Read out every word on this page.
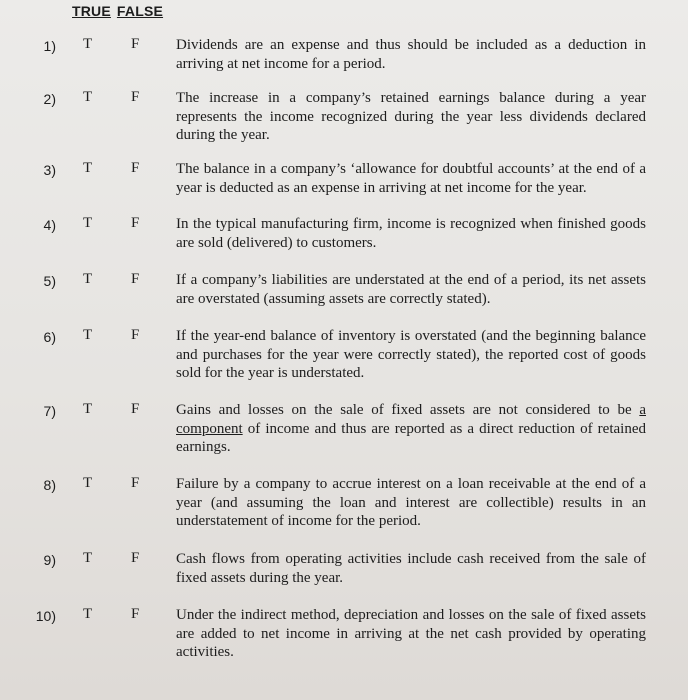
TRUE FALSE
1) T	F Dividends are an expense and thus should be included as a deduction in arriving at net income for a period.
2) T	F The increase in a company’s retained earnings balance during a year represents the income recognized during the year less dividends declared during the year.
3) T	F The balance in a company’s ‘allowance for doubtful accounts’ at the end of a year is deducted as an expense in arriving at net income for the year.
4) T	F In the typical manufacturing firm, income is recognized when finished goods are sold (delivered) to customers.
5) T	F If a company’s liabilities are understated at the end of a period, its net assets are overstated (assuming assets are correctly stated).
6) T	F If the year-end balance of inventory is overstated (and the beginning balance and purchases for the year were correctly stated), the reported cost of goods sold for the year is understated.
7) T	F Gains and losses on the sale of fixed assets are not considered to be a component of income and thus are reported as a direct reduction of retained earnings.
8) T	F Failure by a company to accrue interest on a loan receivable at the end of a year (and assuming the loan and interest are collectible) results in an understatement of income for the period.
9) T	F Cash flows from operating activities include cash received from the sale of fixed assets during the year.
10) T	F Under the indirect method, depreciation and losses on the sale of fixed assets are added to net income in arriving at the net cash provided by operating activities.
